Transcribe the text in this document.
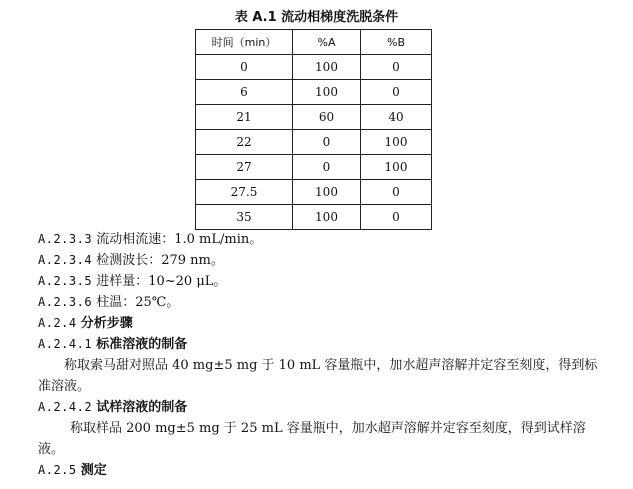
表 A.1 流动相梯度洗脱条件
时间（min）	%A	%B
0	100	0
6	100	0
21	60	40
22	0	100
27	0	100
27.5	100	0
35	100	0
A.2.3.3 流动相流速：1.0 mL/min。
A.2.3.4 检测波长：279 nm。
A.2.3.5 进样量：10~20 μL。
A.2.3.6 柱温：25℃。
A.2.4 分析步骤
A.2.4.1 标准溶液的制备
称取索马甜对照品 40 mg±5 mg 于 10 mL 容量瓶中，加水超声溶解并定容至刻度，得到标准溶液。
A.2.4.2 试样溶液的制备
称取样品 200 mg±5 mg 于 25 mL 容量瓶中，加水超声溶解并定容至刻度，得到试样溶液。
A.2.5 测定
